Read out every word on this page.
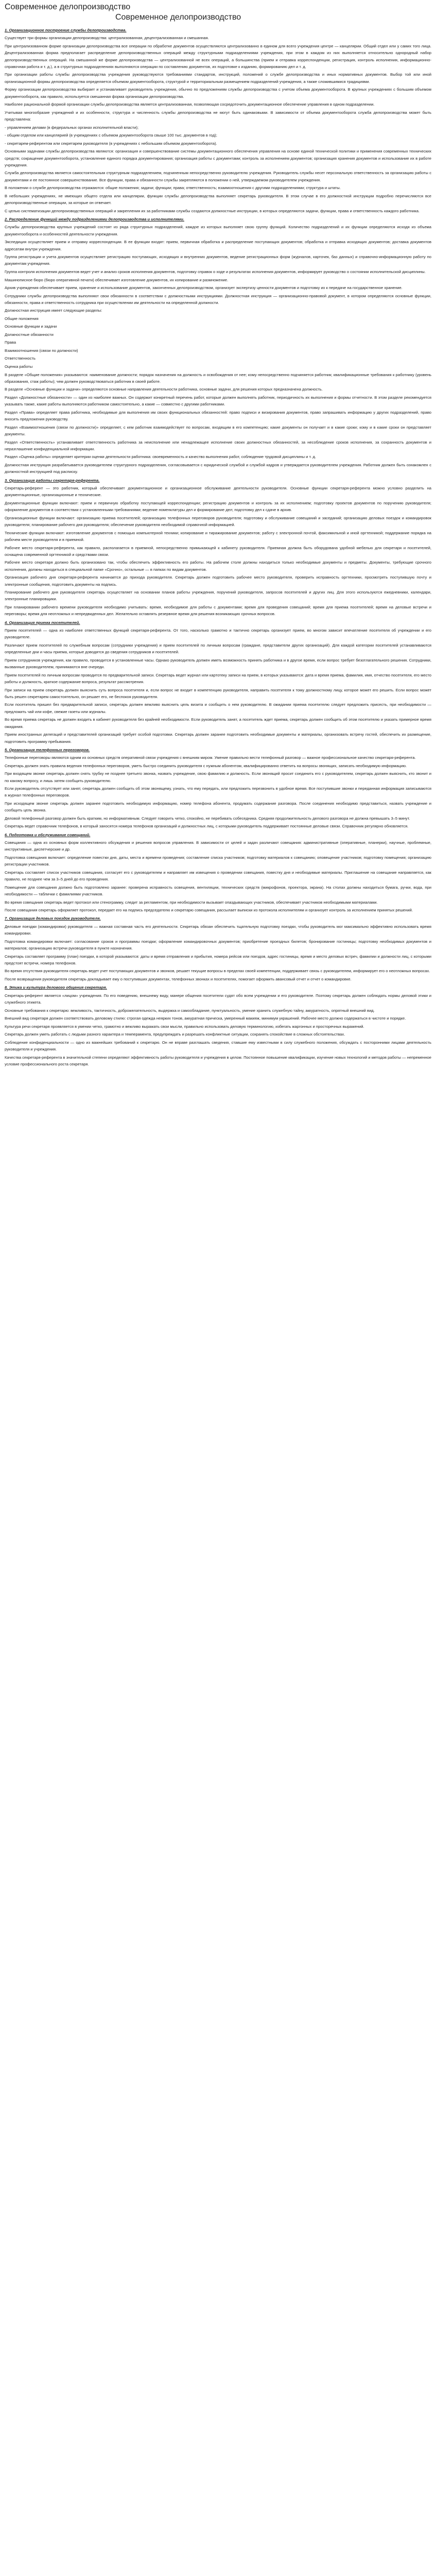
Современное делопроизводство
Современное делопроизводство

1. Организационное построение службы делопроизводства.

Существует три формы организации делопроизводства: централизованная, децентрализованная и смешанная.

При централизованном форме организации делопроизводства все операции по обработке документов осуществляются централизованно в едином для всего учреждения центре — канцелярии. Общий отдел или у самих того лица. Децентрализованная форма предполагает распределение делопроизводственных операций между структурными подразделениями учреждения, при этом в каждом из них выполняется относительно однородный набор делопроизводственных операций. На смешанной же форме делопроизводства — централизованной не всех операций, а большинства (прием и отправка корреспонденции, регистрация, контроль исполнения, информационно-справочная работа и т. д.), а в структурных подразделениях выполняются операции по составлению документов, их подготовке к изданию, формированию дел и т. д.

При организации работы службы делопроизводства учреждения руководствуются требованиями стандартов, инструкций, положений о службе делопроизводства и иных нормативных документов. Выбор той или иной организационной формы делопроизводства определяется объемом документооборота, структурой и территориальным размещением подразделений учреждения, а также сложившимися традициями.

Форму организации делопроизводства выбирает и устанавливает руководитель учреждения, обычно по предложениям службы делопроизводства с учетом объема документооборота. В крупных учреждениях с большим объемом документооборота, как правило, используется смешанная форма организации делопроизводства.

Наиболее рациональной формой организации службы делопроизводства является централизованная, позволяющая сосредоточить документационное обеспечение управления в одном подразделении.

Учитывая многообразие учреждений и их особенности, структура и численность службы делопроизводства не могут быть одинаковыми. В зависимости от объема документооборота служба делопроизводства может быть представлена:

- управлением делами (в федеральных органах исполнительной власти);

- общим отделом или канцелярией (в учреждениях с объемом документооборота свыше 100 тыс. документов в год);

- секретарем-референтом или секретарем руководителя (в учреждениях с небольшим объемом документооборота).

Основными задачами службы делопроизводства являются: организация и совершенствование системы документационного обеспечения управления на основе единой технической политики и применения современных технических средств; сокращение документооборота, установление единого порядка документирования; организация работы с документами; контроль за исполнением документов; организация хранения документов и использование их в работе учреждения.

Служба делопроизводства является самостоятельным структурным подразделением, подчиненным непосредственно руководителю учреждения. Руководитель службы несет персональную ответственность за организацию работы с документами и ее постоянное совершенствование. Все функции, права и обязанности службы закрепляются в положении о ней, утверждаемом руководителем учреждения.

В положении о службе делопроизводства отражаются: общие положения; задачи; функции; права; ответственность; взаимоотношения с другими подразделениями; структура и штаты.

В небольших учреждениях, не имеющих общего отдела или канцелярии, функции службы делопроизводства выполняет секретарь руководителя. В этом случае в его должностной инструкции подробно перечисляются все делопроизводственные операции, за которые он отвечает.

С целью систематизации делопроизводственных операций и закрепления их за работниками службы создаются должностные инструкции, в которых определяются задачи, функции, права и ответственность каждого работника.

2. Распределение функций между подразделениями делопроизводства и исполнителями.

Службы делопроизводства крупных учреждений состоят из ряда структурных подразделений, каждое из которых выполняет свою группу функций. Количество подразделений и их функции определяются исходя из объема документооборота и особенностей деятельности учреждения.

Экспедиция осуществляет прием и отправку корреспонденции. В ее функции входят: прием, первичная обработка и распределение поступающих документов; обработка и отправка исходящих документов; доставка документов адресатам внутри учреждения.

Группа регистрации и учета документов осуществляет регистрацию поступающих, исходящих и внутренних документов, ведение регистрационных форм (журналов, карточек, баз данных) и справочно-информационную работу по документам учреждения.

Группа контроля исполнения документов ведет учет и анализ сроков исполнения документов, подготовку справок о ходе и результатах исполнения документов, информирует руководство о состоянии исполнительской дисциплины.

Машинописное бюро (бюро оперативной печати) обеспечивает изготовление документов, их копирование и размножение.

Архив учреждения обеспечивает прием, хранение и использование документов, законченных делопроизводством, организует экспертизу ценности документов и подготовку их к передаче на государственное хранение.

Сотрудники службы делопроизводства выполняют свои обязанности в соответствии с должностными инструкциями. Должностная инструкция — организационно-правовой документ, в котором определяются основные функции, обязанности, права и ответственность сотрудника при осуществлении им деятельности на определенной должности.

Должностная инструкция имеет следующие разделы:

Общие положения

Основные функции и задачи

Должностные обязанности

Права

Взаимоотношения (связи по должности)

Ответственность

Оценка работы

В разделе «Общие положения» указываются: наименование должности; порядок назначения на должность и освобождения от нее; кому непосредственно подчиняется работник; квалификационные требования к работнику (уровень образования, стаж работы); чем должен руководствоваться работник в своей работе.

В разделе «Основные функции и задачи» определяются основные направления деятельности работника, основные задачи, для решения которых предназначена должность.

Раздел «Должностные обязанности» — один из наиболее важных. Он содержит конкретный перечень работ, которые должен выполнять работник, периодичность их выполнения и формы отчетности. В этом разделе рекомендуется указывать также, какие работы выполняются работником самостоятельно, а какие — совместно с другими работниками.

Раздел «Права» определяет права работника, необходимые для выполнения им своих функциональных обязанностей: право подписи и визирования документов, право запрашивать информацию у других подразделений, право вносить предложения руководству.

Раздел «Взаимоотношения (связи по должности)» определяет, с кем работник взаимодействует по вопросам, входящим в его компетенцию; какие документы он получает и в какие сроки; кому и в какие сроки он представляет документы.

Раздел «Ответственность» устанавливает ответственность работника за неисполнение или ненадлежащее исполнение своих должностных обязанностей, за несоблюдение сроков исполнения, за сохранность документов и неразглашение конфиденциальной информации.

Раздел «Оценка работы» определяет критерии оценки деятельности работника: своевременность и качество выполнения работ, соблюдение трудовой дисциплины и т. д.

Должностная инструкция разрабатывается руководителем структурного подразделения, согласовывается с юридической службой и службой кадров и утверждается руководителем учреждения. Работник должен быть ознакомлен с должностной инструкцией под расписку.

3. Организация работы секретаря-референта.

Секретарь-референт — это работник, который обеспечивает документационное и организационное обслуживание деятельности руководителя. Основные функции секретаря-референта можно условно разделить на документационные, организационные и технические.

Документационные функции включают: прием и первичную обработку поступающей корреспонденции; регистрацию документов и контроль за их исполнением; подготовку проектов документов по поручению руководителя; оформление документов в соответствии с установленными требованиями; ведение номенклатуры дел и формирование дел; подготовку дел к сдаче в архив.

Организационные функции включают: организацию приема посетителей; организацию телефонных переговоров руководителя; подготовку и обслуживание совещаний и заседаний; организацию деловых поездок и командировок руководителя; планирование рабочего дня руководителя; обеспечение руководителя необходимой справочной информацией.

Технические функции включают: изготовление документов с помощью компьютерной техники; копирование и тиражирование документов; работу с электронной почтой, факсимильной и иной оргтехникой; поддержание порядка на рабочем месте руководителя и в приемной.

Рабочее место секретаря-референта, как правило, располагается в приемной, непосредственно примыкающей к кабинету руководителя. Приемная должна быть оборудована удобной мебелью для секретаря и посетителей, оснащена современной оргтехникой и средствами связи.

Рабочее место секретаря должно быть организовано так, чтобы обеспечить эффективность его работы. На рабочем столе должны находиться только необходимые документы и предметы. Документы, требующие срочного исполнения, должны находиться в специальной папке «Срочно», остальные — в папках по видам документов.

Организация рабочего дня секретаря-референта начинается до прихода руководителя. Секретарь должен подготовить рабочее место руководителя, проверить исправность оргтехники, просмотреть поступившую почту и электронные сообщения, подготовить документы на подпись.

Планирование рабочего дня руководителя секретарь осуществляет на основании планов работы учреждения, поручений руководителя, запросов посетителей и других лиц. Для этого используются ежедневники, календари, электронные планировщики.

При планировании рабочего времени руководителя необходимо учитывать: время, необходимое для работы с документами; время для проведения совещаний; время для приема посетителей; время на деловые встречи и переговоры; время для неотложных и непредвиденных дел. Желательно оставлять резервное время для решения возникающих срочных вопросов.

4. Организация приема посетителей.

Прием посетителей — одна из наиболее ответственных функций секретаря-референта. От того, насколько грамотно и тактично секретарь организует прием, во многом зависит впечатление посетителя об учреждении и его руководителе.

Различают прием посетителей по служебным вопросам (сотрудники учреждения) и прием посетителей по личным вопросам (граждане, представители других организаций). Для каждой категории посетителей устанавливаются определенные дни и часы приема, которые доводятся до сведения сотрудников и посетителей.

Прием сотрудников учреждения, как правило, проводится в установленные часы. Однако руководитель должен иметь возможность принять работника и в другое время, если вопрос требует безотлагательного решения. Сотрудники, вызванные руководителем, принимаются вне очереди.

Прием посетителей по личным вопросам проводится по предварительной записи. Секретарь ведет журнал или картотеку записи на прием, в которых указываются: дата и время приема, фамилия, имя, отчество посетителя, его место работы и должность, краткое содержание вопроса, результат рассмотрения.

При записи на прием секретарь должен выяснить суть вопроса посетителя и, если вопрос не входит в компетенцию руководителя, направить посетителя к тому должностному лицу, которое может его решить. Если вопрос может быть решен секретарем самостоятельно, он решает его, не беспокоя руководителя.

Если посетитель пришел без предварительной записи, секретарь должен вежливо выяснить цель визита и сообщить о нем руководителю. В ожидании приема посетителю следует предложить присесть, при необходимости — предложить чай или кофе, свежие газеты или журналы.

Во время приема секретарь не должен входить в кабинет руководителя без крайней необходимости. Если руководитель занят, а посетитель ждет приема, секретарь должен сообщить об этом посетителю и указать примерное время ожидания.

Прием иностранных делегаций и представителей организаций требует особой подготовки. Секретарь должен заранее подготовить необходимые документы и материалы, организовать встречу гостей, обеспечить их размещение, подготовить программу пребывания.

5. Организация телефонных переговоров.

Телефонные переговоры являются одним из основных средств оперативной связи учреждения с внешним миром. Умение правильно вести телефонный разговор — важное профессиональное качество секретаря-референта.

Секретарь должен знать правила ведения телефонных переговоров, уметь быстро соединить руководителя с нужным абонентом, квалифицированно ответить на вопросы звонящих, записать необходимую информацию.

При входящем звонке секретарь должен снять трубку не позднее третьего звонка, назвать учреждение, свою фамилию и должность. Если звонящий просит соединить его с руководителем, секретарь должен выяснить, кто звонит и по какому вопросу, и лишь затем сообщить руководителю.

Если руководитель отсутствует или занят, секретарь должен сообщить об этом звонящему, узнать, что ему передать, или предложить перезвонить в удобное время. Все поступившие звонки и переданная информация записываются в журнал телефонных переговоров.

При исходящем звонке секретарь должен заранее подготовить необходимую информацию, номер телефона абонента, продумать содержание разговора. После соединения необходимо представиться, назвать учреждение и сообщить цель звонка.

Деловой телефонный разговор должен быть кратким, но информативным. Следует говорить четко, спокойно, не перебивать собеседника. Средняя продолжительность делового разговора не должна превышать 3–5 минут.

Секретарь ведет справочник телефонов, в который заносятся номера телефонов организаций и должностных лиц, с которыми руководитель поддерживает постоянные деловые связи. Справочник регулярно обновляется.

6. Подготовка и обслуживание совещаний.

Совещания — одна из основных форм коллективного обсуждения и решения вопросов управления. В зависимости от целей и задач различают совещания: административные (оперативные, планерки), научные, проблемные, инструктивные, диспетчерские и др.

Подготовка совещания включает: определение повестки дня, даты, места и времени проведения; составление списка участников; подготовку материалов к совещанию; оповещение участников; подготовку помещения; организацию регистрации участников.

Секретарь составляет список участников совещания, согласует его с руководителем и направляет им извещения о проведении совещания, повестку дня и необходимые материалы. Приглашение на совещание направляется, как правило, не позднее чем за 3–5 дней до его проведения.

Помещение для совещания должно быть подготовлено заранее: проверена исправность освещения, вентиляции, технических средств (микрофонов, проектора, экрана). На столах должны находиться бумага, ручки, вода, при необходимости — таблички с фамилиями участников.

Во время совещания секретарь ведет протокол или стенограмму, следит за регламентом, при необходимости вызывает опаздывающих участников, обеспечивает участников необходимыми материалами.

После совещания секретарь оформляет протокол, передает его на подпись председателю и секретарю совещания, рассылает выписки из протокола исполнителям и организует контроль за исполнением принятых решений.

7. Организация деловых поездок руководителя.

Деловые поездки (командировки) руководителя — важная составная часть его деятельности. Секретарь обязан обеспечить тщательную подготовку поездки, чтобы руководитель мог максимально эффективно использовать время командировки.

Подготовка командировки включает: согласование сроков и программы поездки; оформление командировочных документов; приобретение проездных билетов; бронирование гостиницы; подготовку необходимых документов и материалов; организацию встречи руководителя в пункте назначения.

Секретарь составляет программу (план) поездки, в которой указываются: даты и время отправления и прибытия, номера рейсов или поездов, адрес гостиницы, время и место деловых встреч, фамилии и должности лиц, с которыми предстоят встречи, номера телефонов.

Во время отсутствия руководителя секретарь ведет учет поступающих документов и звонков, решает текущие вопросы в пределах своей компетенции, поддерживает связь с руководителем, информирует его о неотложных вопросах.

После возвращения руководителя секретарь докладывает ему о поступивших документах, телефонных звонках и посетителях, помогает оформить авансовый отчет и отчет о командировке.

8. Этика и культура делового общения секретаря.

Секретарь-референт является «лицом» учреждения. По его поведению, внешнему виду, манере общения посетители судят обо всем учреждении и его руководителе. Поэтому секретарь должен соблюдать нормы деловой этики и служебного этикета.

Основные требования к секретарю: вежливость, тактичность, доброжелательность, выдержка и самообладание, пунктуальность, умение хранить служебную тайну, аккуратность, опрятный внешний вид.

Внешний вид секретаря должен соответствовать деловому стилю: строгая одежда неярких тонов, аккуратная прическа, умеренный макияж, минимум украшений. Рабочее место должно содержаться в чистоте и порядке.

Культура речи секретаря проявляется в умении четко, грамотно и вежливо выражать свои мысли, правильно использовать деловую терминологию, избегать жаргонных и просторечных выражений.

Секретарь должен уметь работать с людьми разного характера и темперамента, предупреждать и разрешать конфликтные ситуации, сохранять спокойствие в сложных обстоятельствах.

Соблюдение конфиденциальности — одно из важнейших требований к секретарю. Он не вправе разглашать сведения, ставшие ему известными в силу служебного положения, обсуждать с посторонними лицами деятельность руководителя и учреждения.

Качества секретаря-референта в значительной степени определяют эффективность работы руководителя и учреждения в целом. Постоянное повышение квалификации, изучение новых технологий и методов работы — непременное условие профессионального роста секретаря.
